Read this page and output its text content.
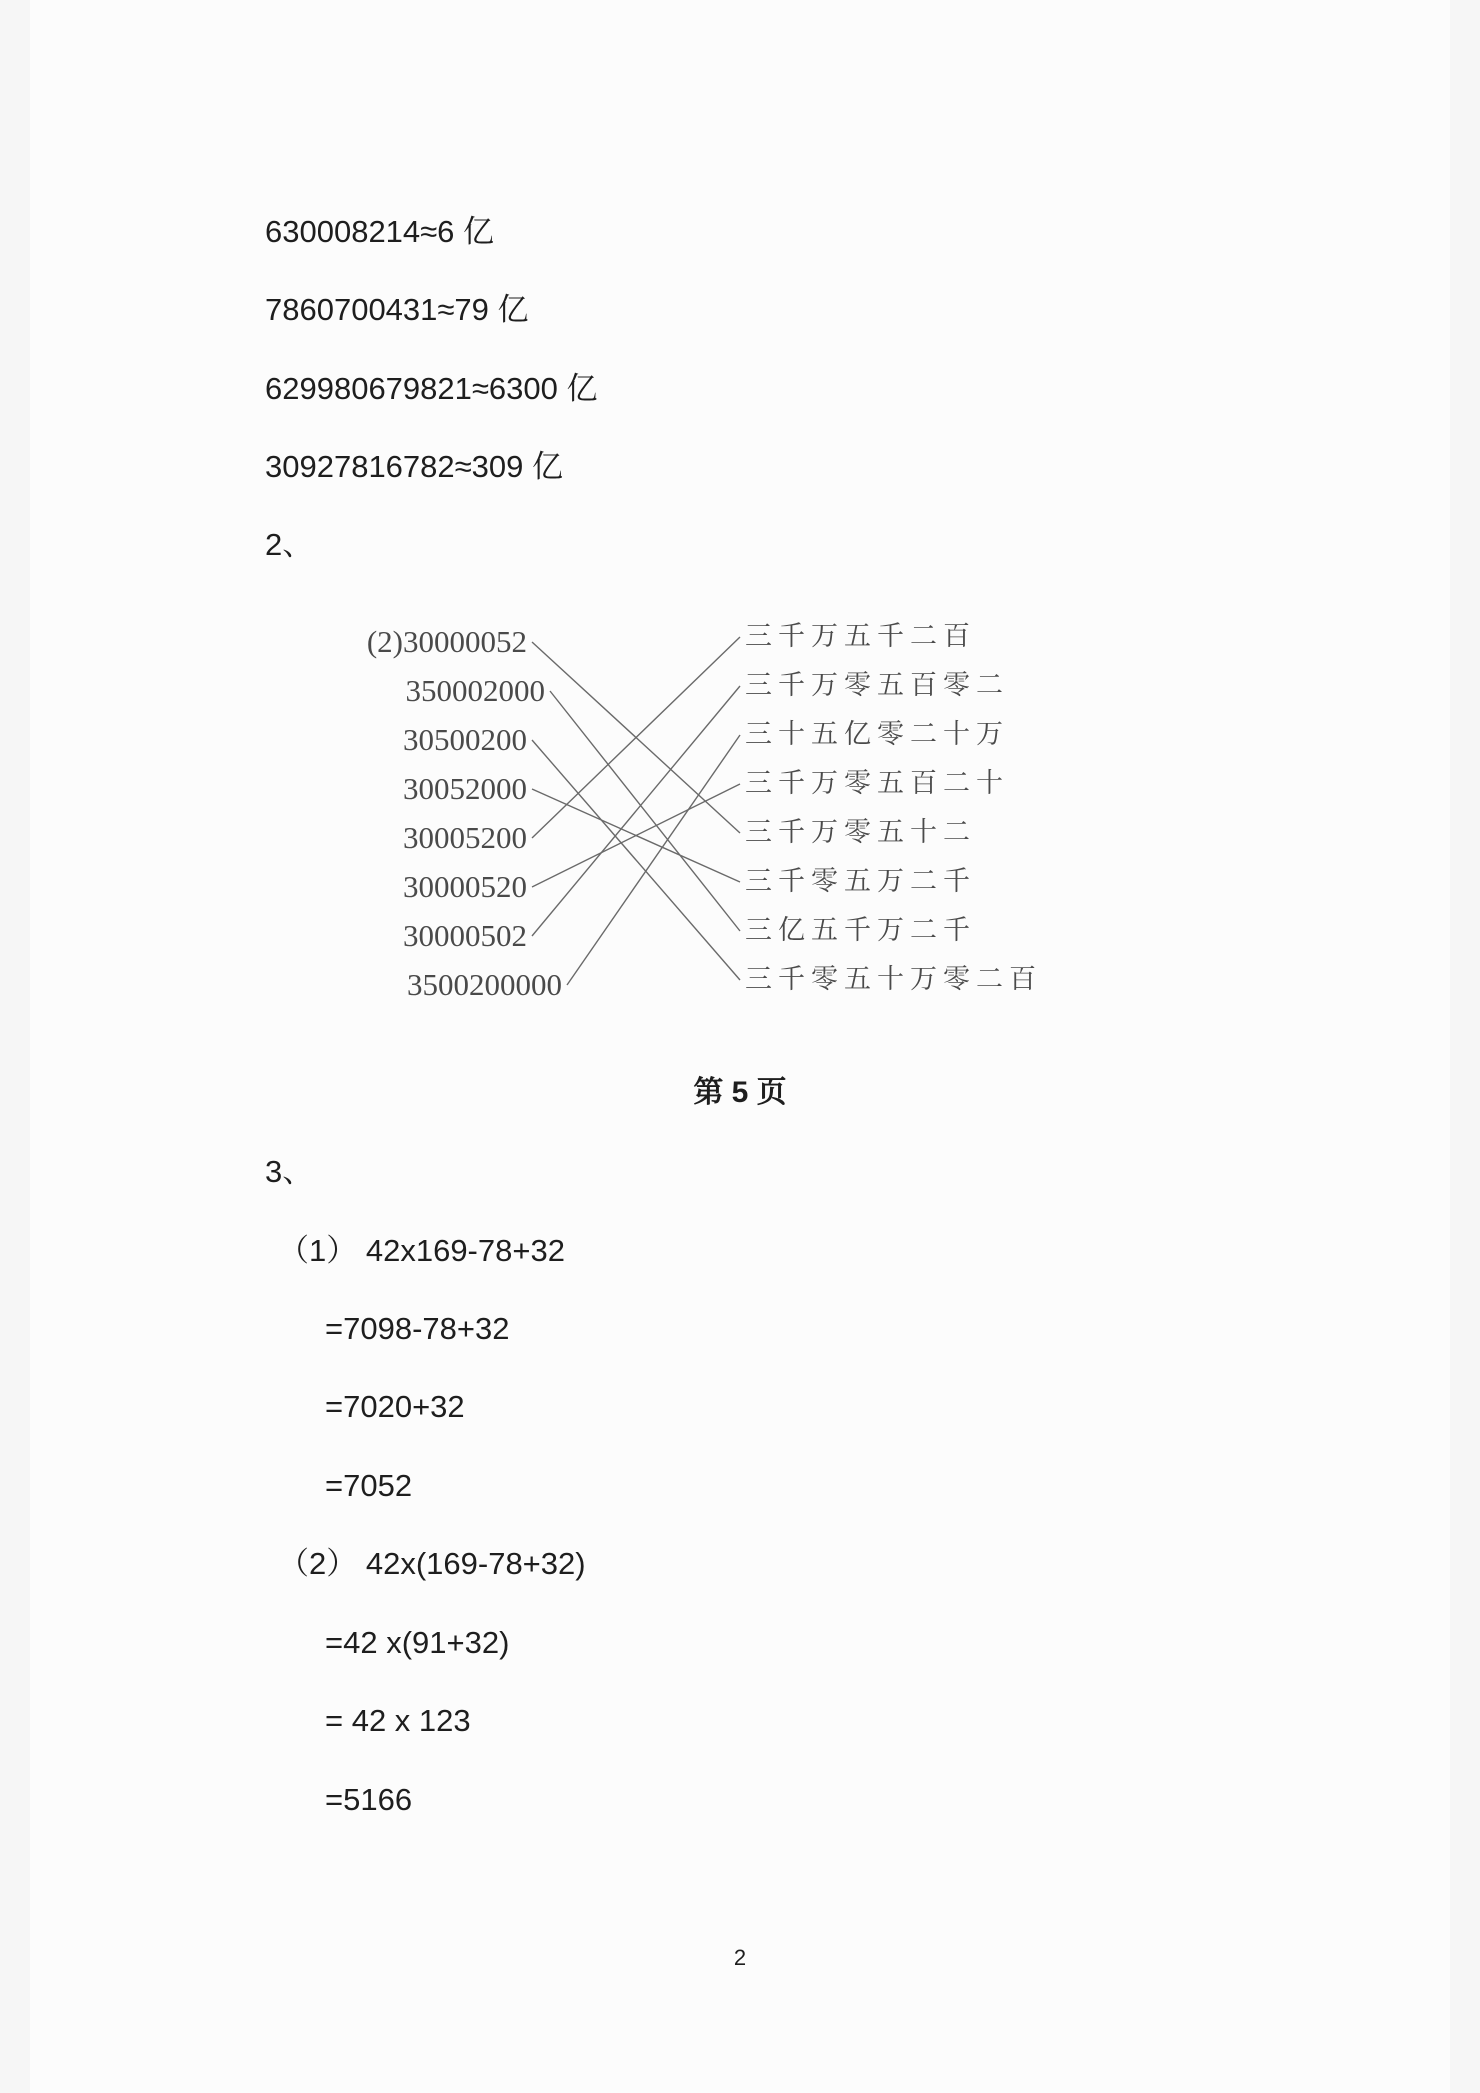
630008214≈6 亿
7860700431≈79 亿
629980679821≈6300 亿
30927816782≈309 亿
2、
(2)30000052
350002000
30500200
30052000
30005200
30000520
30000502
3500200000
三千万五千二百
三千万零五百零二
三十五亿零二十万
三千万零五百二十
三千万零五十二
三千零五万二千
三亿五千万二千
三千零五十万零二百
第 5 页
3、
（1） 42x169-78+32
=7098-78+32
=7020+32
=7052
（2） 42x(169-78+32)
=42 x(91+32)
= 42 x 123
=5166
2
